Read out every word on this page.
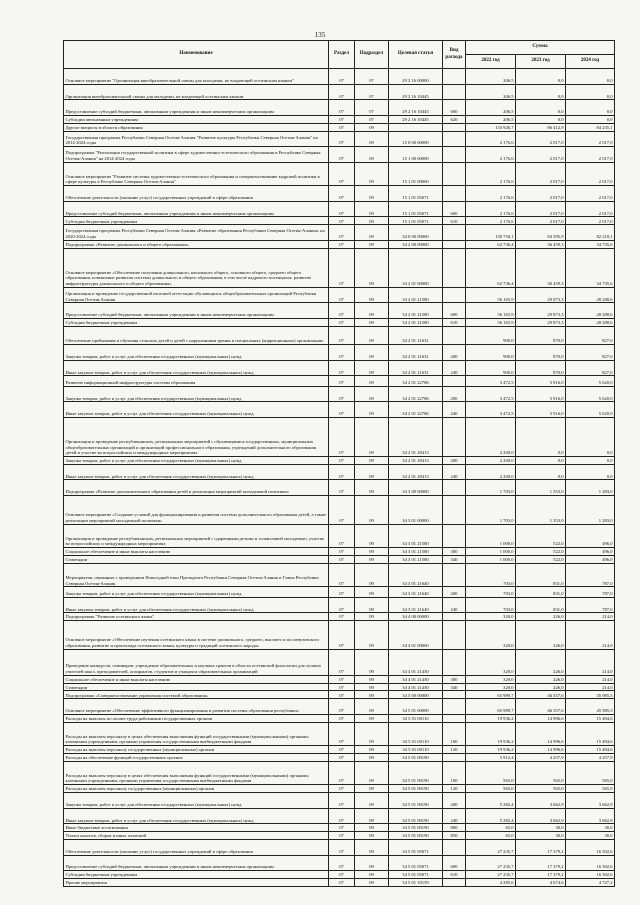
135
Наименование	Раздел	Подраздел	Целевая статья	Вид расхода	Сумма		
					2022 год	2023 год	2024 год
Основное мероприятие "Организация внеобразовательной смены для молодежи, не владеющей осетинским языком"	07	07	29 2 16 00000		206,5	0,0	0,0
Организация внеобразовательной смены для молодежи, не владеющей осетинским языком	07	07	29 2 16 10445		206,5	0,0	0,0
Предоставление субсидий бюджетным, автономным учреждениям и иным некоммерческим организациям	07	07	29 2 16 10445	600	206,5	0,0	0,0
Субсидии автономным учреждениям	07	07	29 2 16 10445	620	206,5	0,0	0,0
Другие вопросы в области образования	07	09			133 926,7	86 412,9	84 235,1
Государственная программа Республики Северная Осетия-Алания "Развитие культуры Республики Северная Осетия-Алания" на 2014-2024 годы	07	09	15 0 00 00000		2 176,6	2 017,0	2 017,0
Подпрограмма "Реализация государственной политики в сфере художественно-эстетического образования в Республике Северная Осетия-Алания" на 2014-2024 годы	07	09	15 1 00 00000		2 176,6	2 017,0	2 017,0
Основное мероприятие "Развитие системы художественно-эстетического образования и совершенствование кадровой политики в сфере культуры в Республике Северная Осетия-Алания"	07	09	15 1 01 00000		2 176,6	2 017,0	2 017,0
Обеспечение деятельности (оказание услуг) государственных учреждений в сфере образования	07	09	15 1 01 05071		2 176,6	2 017,0	2 017,0
Предоставление субсидий бюджетным, автономным учреждениям и иным некоммерческим организациям	07	09	15 1 01 05071	600	2 176,6	2 017,0	2 017,0
Субсидии бюджетным учреждениям	07	09	15 1 01 05071	610	2 176,6	2 017,0	2 017,0
Государственная программа Республики Северная Осетия-Алания «Развитие образования Республики Северная Осетия-Алания» на 2020-2024 годы	07	09	34 0 00 00000		130 750,1	84 395,9	82 218,1
Подпрограмма «Развитие дошкольного и общего образования»	07	09	34 2 00 00000		62 736,4	36 459,3	34 735,6
Основное мероприятие «Обеспечение получения дошкольного, начального общего, основного общего, среднего общего образования, повышение развития системы дошкольного и общего образования, в том числе кадрового потенциала, развитие инфраструктуры дошкольного и общего образования»	07	09	34 2 01 00000		62 736,4	36 459,3	34 735,6
Организация и проведение государственной итоговой аттестации обучающихся общеобразовательных организаций Республики Северная Осетия-Алания	07	09	34 2 01 21580		56 165,9	29 873,3	28 288,6
Предоставление субсидий бюджетным, автономным учреждениям и иным некоммерческим организациям	07	09	34 2 01 21580	600	56 165,9	29 873,3	28 288,6
Субсидии бюджетным учреждениям	07	09	34 2 01 21580	610	56 165,9	29 873,3	28 288,6
Обеспечение пребывания и обучения сельских детей и детей с нарушениями зрения в специальных (коррекционных) организациях	07	09	34 2 01 21631		900,0	870,0	827,0
Закупка товаров, работ и услуг для обеспечения государственных (муниципальных) нужд	07	09	34 2 01 21631	200	900,0	870,0	827,0
Иные закупки товаров, работ и услуг для обеспечения государственных (муниципальных) нужд	07	09	34 2 01 21631	240	900,0	870,0	827,0
Развитие информационной инфраструктуры системы образования	07	09	34 2 01 22786		3 472,5	5 916,0	5 620,0
Закупка товаров, работ и услуг для обеспечения государственных (муниципальных) нужд	07	09	34 2 01 22786	200	3 472,5	5 916,0	5 620,0
Иные закупки товаров, работ и услуг для обеспечения государственных (муниципальных) нужд	07	09	34 2 01 22786	240	3 472,5	5 916,0	5 620,0
Организация и проведение республиканских, региональных мероприятий с обучающимися государственных, муниципальных общеобразовательных организаций и организаций профессионального образования, учреждений дополнительного образования детей и участие во всероссийских и международных мероприятиях	07	09	34 2 01 28413		2 200,0	0,0	0,0
Закупка товаров, работ и услуг для обеспечения государственных (муниципальных) нужд	07	09	34 2 01 28413	200	2 200,0	0,0	0,0
Иные закупки товаров, работ и услуг для обеспечения государственных (муниципальных) нужд	07	09	34 2 01 28413	240	2 200,0	0,0	0,0
Подпрограмма «Развитие дополнительного образования детей и реализация мероприятий молодежной политики»	07	09	34 3 00 00000		1 703,0	1 353,0	1 283,0
Основное мероприятие «Создание условий для функционирования и развития системы дополнительного образования детей, а также реализации мероприятий молодежной политики»	07	09	34 3 01 00000		1 703,0	1 353,0	1 283,0
Организация и проведение республиканских, региональных мероприятий с одаренными детьми и талантливой молодежью, участие во всероссийских и международных мероприятиях	07	09	34 3 01 21580		1 000,0	522,0	496,0
Социальное обеспечение и иные выплаты населению	07	09	34 3 01 21580	300	1 000,0	522,0	496,0
Стипендии	07	09	34 3 01 21580	340	1 000,0	522,0	496,0
Мероприятия, связанные с проведением Новогодней елки Президента Республики Северная Осетия-Алания и Главы Республики Северная Осетия-Алания	07	09	34 3 01 21640		703,0	831,0	787,0
Закупка товаров, работ и услуг для обеспечения государственных (муниципальных) нужд	07	09	34 3 01 21640	200	703,0	831,0	787,0
Иные закупки товаров, работ и услуг для обеспечения государственных (муниципальных) нужд	07	09	34 3 01 21640	240	703,0	831,0	787,0
Подпрограмма "Развитие осетинского языка"	07	09	34 4 00 00000		320,0	226,0	214,0
Основное мероприятие «Обеспечение изучения осетинского языка в системе дошкольного, среднего, высшего и послевузовского образования, развитие и пропаганда осетинского языка, культуры и традиций осетинского народа»	07	09	34 4 01 00000		320,0	226,0	214,0
Проведение конкурсов, семинаров, учреждение образовательных и научных грантов в области осетинской филологии для лучших учителей школ, преподавателей, аспирантов, студентов и учащихся образовательных организаций	07	09	34 4 01 21430		320,0	226,0	214,0
Социальное обеспечение и иные выплаты населению	07	09	34 4 01 21430	300	320,0	226,0	214,0
Стипендии	07	09	34 4 01 21430	340	320,0	226,0	214,0
Подпрограмма «Совершенствование управления системой образования»	07	09	34 5 00 00000		65 989,7	46 357,6	45 985,5
Основное мероприятие «Обеспечение эффективного функционирования и развития системы образования республики»	07	09	34 5 01 00000		65 989,7	46 357,6	45 985,5
Расходы на выплаты по оплате труда работников государственных органов	07	09	34 5 01 00110		19 936,2	14 996,6	15 494,6
Расходы на выплаты персоналу в целях обеспечения выполнения функций государственными (муниципальными) органами, казенными учреждениями, органами управления государственными внебюджетными фондами	07	09	34 5 01 00110	100	19 936,2	14 996,6	15 494,6
Расходы на выплаты персоналу государственных (муниципальных) органов	07	09	34 5 01 00110	120	19 936,2	14 996,6	15 494,6
Расходы на обеспечение функций государственных органов	07	09	34 5 01 00190		5 912,4	4 257,9	4 257,9
Расходы на выплаты персоналу в целях обеспечения выполнения функций государственными (муниципальными) органами, казенными учреждениями, органами управления государственными внебюджетными фондами	07	09	34 5 01 00190	100	565,0	565,0	565,0
Расходы на выплаты персоналу государственных (муниципальных) органов	07	09	34 5 01 00190	120	565,0	565,0	565,0
Закупка товаров, работ и услуг для обеспечения государственных (муниципальных) нужд	07	09	34 5 01 00190	200	5 282,4	3 662,9	3 662,9
Иные закупки товаров, работ и услуг для обеспечения государственных (муниципальных) нужд	07	09	34 5 01 00190	240	5 282,4	3 662,9	3 662,9
Иные бюджетные ассигнования	07	09	34 5 01 00190	800	65,0	30,0	30,0
Уплата налогов, сборов и иных платежей	07	09	34 5 01 00190	850	65,0	30,0	30,0
Обеспечение деятельности (оказание услуг) государственных учреждений в сфере образования	07	09	34 5 01 05071		27 235,7	17 379,2	16 502,6
Предоставление субсидий бюджетным, автономным учреждениям и иным некоммерческим организациям	07	09	34 5 01 05071	600	27 235,7	17 379,2	16 502,6
Субсидии бюджетным учреждениям	07	09	34 5 01 05071	610	27 235,7	17 379,2	16 502,6
Прочие мероприятия	07	09	34 5 01 10159		4 285,6	4 674,6	4 727,2
